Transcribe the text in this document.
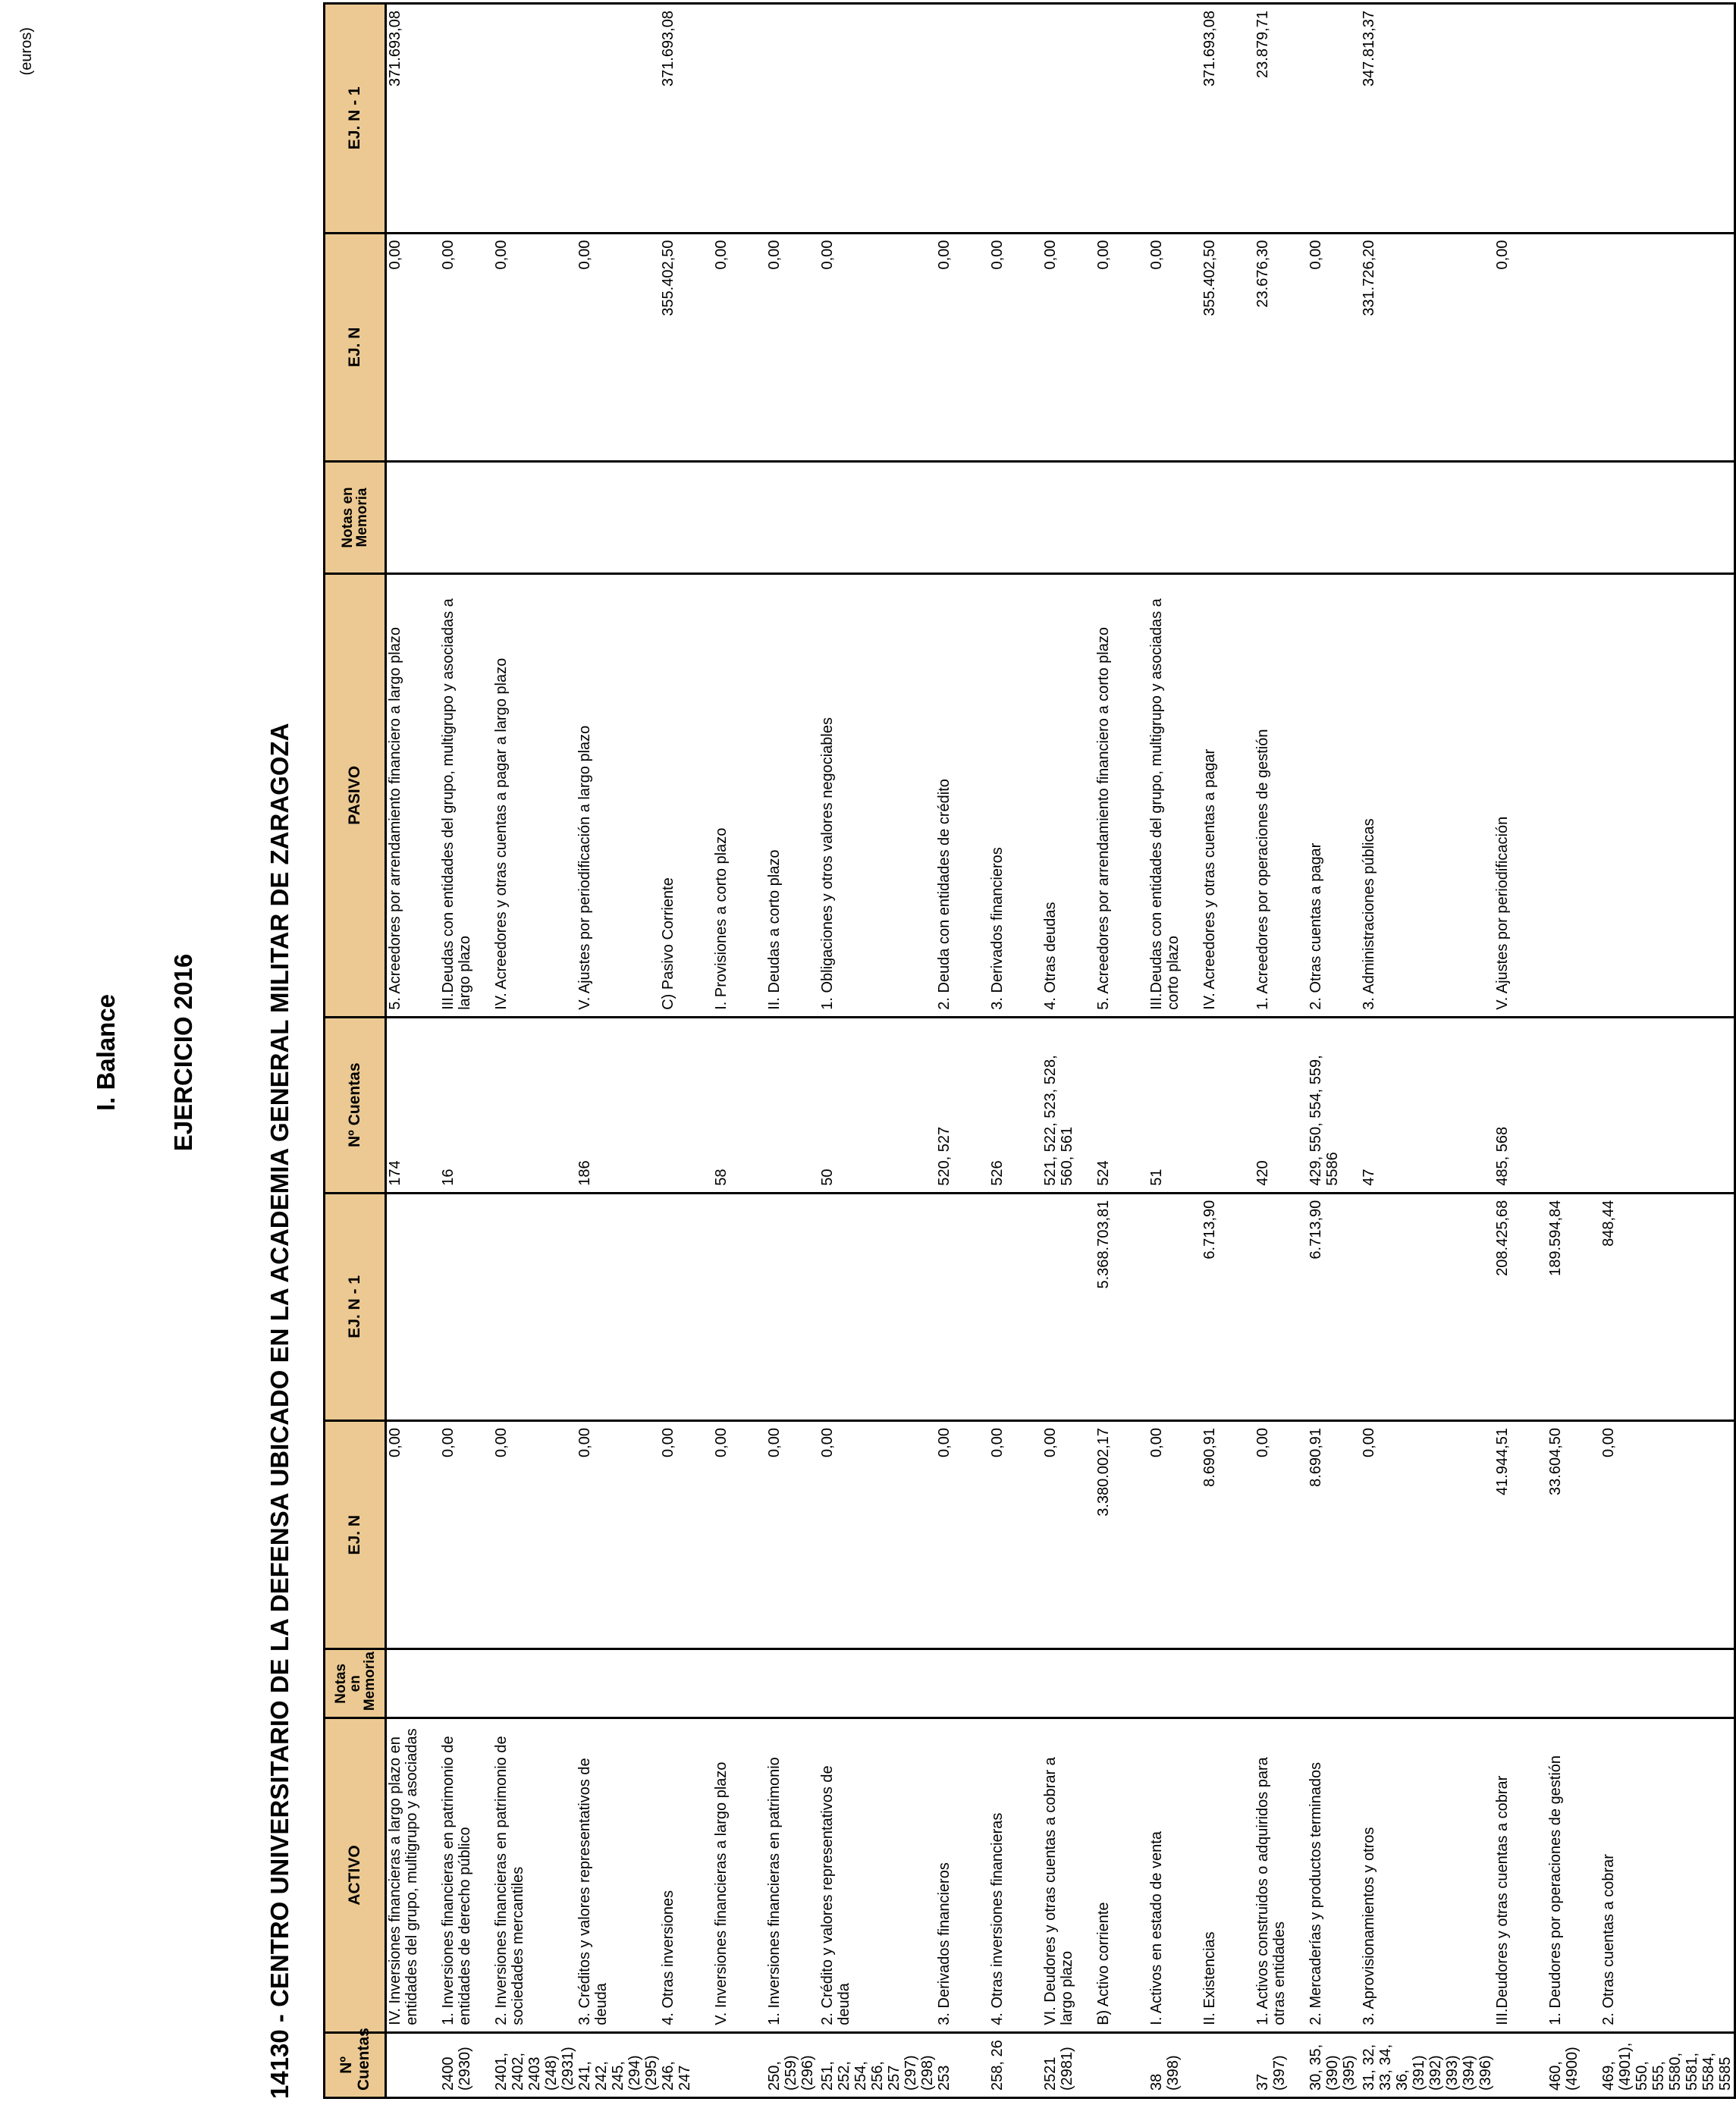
I. Balance EJERCICIO 2016	14130 - CENTRO UNIVERSITARIO DE LA DEFENSA UBICADO EN LA ACADEMIA GENERAL MILITAR DE ZARAGOZA
(euros)
Nº Cuentas	ACTIVO	Notas en Memoria	EJ. N	EJ. N - 1	Nº Cuentas	PASIVO	Notas en Memoria	EJ. N	EJ. N - 1
	IV. Inversiones financieras a largo plazo en entidades del grupo, multigrupo y asociadas		0,00		174	5. Acreedores por arrendamiento financiero a largo plazo		0,00	371.693,08
2400 (2930)	1. Inversiones financieras en patrimonio de entidades de derecho público		0,00		16	III.Deudas con entidades del grupo, multigrupo y asociadas a largo plazo		0,00	
2401, 2402, 2403 (248) (2931)	2. Inversiones financieras en patrimonio de sociedades mercantiles		0,00			IV. Acreedores y otras cuentas a pagar a largo plazo		0,00	
241, 242, 245, (294) (295)	3. Créditos y valores representativos de deuda		0,00		186	V. Ajustes por periodificación a largo plazo		0,00	
246, 247	4. Otras inversiones		0,00			C) Pasivo Corriente		355.402,50	371.693,08
	V. Inversiones financieras a largo plazo		0,00		58	I. Provisiones a corto plazo		0,00	
250, (259) (296)	1. Inversiones financieras en patrimonio		0,00			II. Deudas a corto plazo		0,00	
251, 252, 254, 256, 257 (297) (298)	2. Crédito y valores representativos de deuda		0,00		50	1. Obligaciones y otros valores negociables		0,00	
253	3. Derivados financieros		0,00		520, 527	2. Deuda con entidades de crédito		0,00	
258, 26	4. Otras inversiones financieras		0,00		526	3. Derivados financieros		0,00	
2521 (2981)	VI. Deudores y otras cuentas a cobrar a largo plazo		0,00		521, 522, 523, 528, 560, 561	4. Otras deudas		0,00	
	B) Activo corriente		3.380.002,17	5.368.703,81	524	5. Acreedores por arrendamiento financiero a corto plazo		0,00	
38 (398)	I. Activos en estado de venta		0,00		51	III.Deudas con entidades del grupo, multigrupo y asociadas a corto plazo		0,00	
	II. Existencias		8.690,91	6.713,90		IV. Acreedores y otras cuentas a pagar		355.402,50	371.693,08
37 (397)	1. Activos construidos o adquiridos para otras entidades		0,00		420	1. Acreedores por operaciones de gestión		23.676,30	23.879,71
30, 35, (390) (395)	2. Mercaderías y productos terminados		8.690,91	6.713,90	429, 550, 554, 559, 5586	2. Otras cuentas a pagar		0,00	
31, 32, 33, 34, 36, (391) (392) (393) (394) (396)	3. Aprovisionamientos y otros		0,00		47	3. Administraciones públicas		331.726,20	347.813,37
	III.Deudores y otras cuentas a cobrar		41.944,51	208.425,68	485, 568	V. Ajustes por periodificación		0,00	
460, (4900)	1. Deudores por operaciones de gestión		33.604,50	189.594,84					
469, (4901), 550, 555, 5580, 5581, 5584, 5585	2. Otras cuentas a cobrar		0,00	848,44					
